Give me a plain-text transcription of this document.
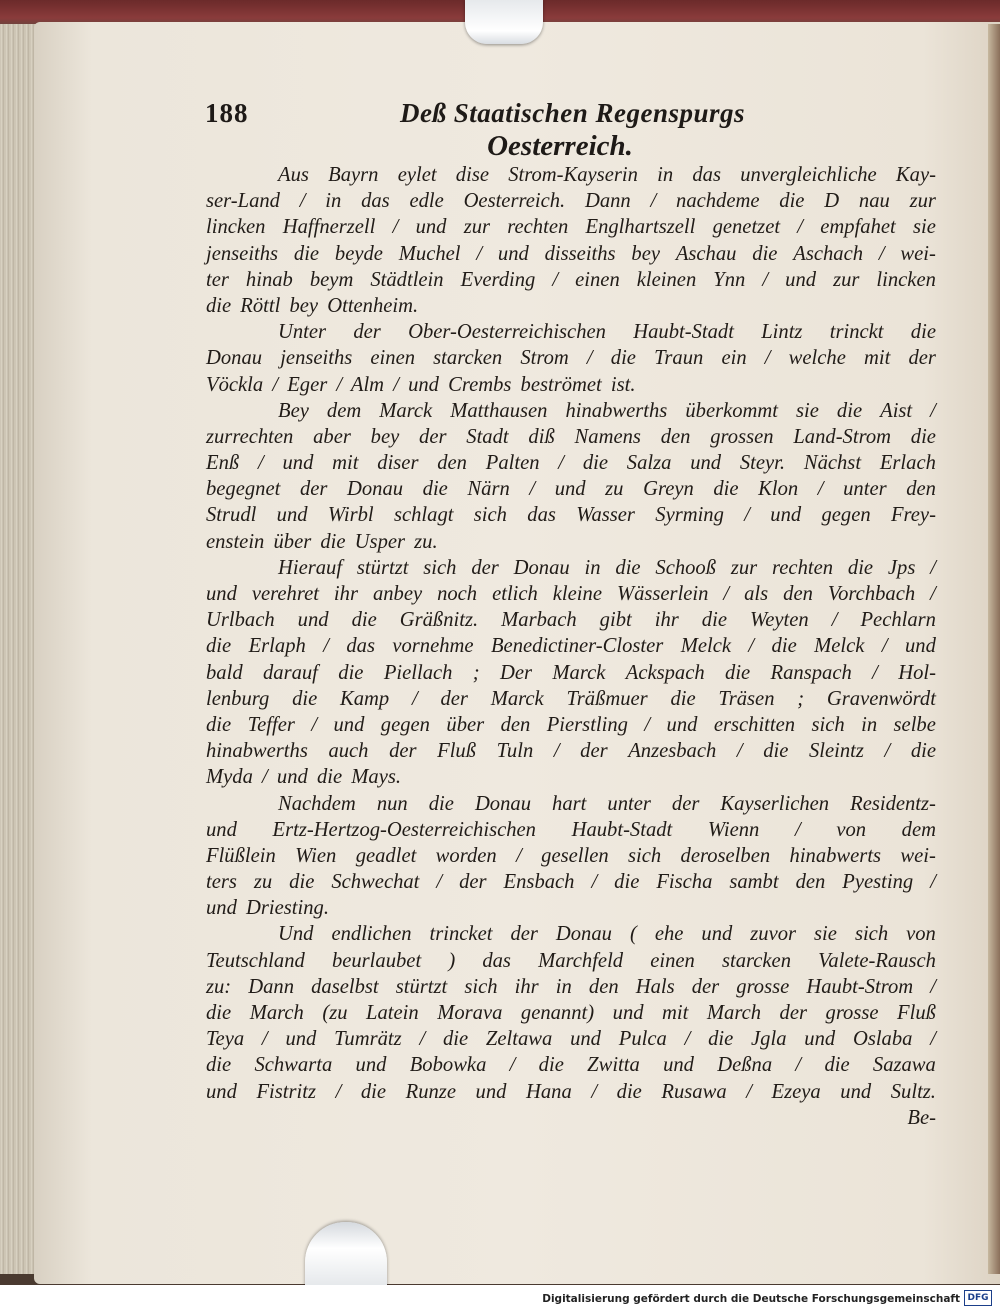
188	Deß Staatischen Regenspurgs
Oesterreich.
Aus Bayrn eylet dise Strom-Kayserin in das unvergleichliche Kay-
ser-Land / in das edle Oesterreich. Dann / nachdeme die D nau zur
lincken Haffnerzell / und zur rechten Englhartszell genetzet / empfahet sie
jenseiths die beyde Muchel / und disseiths bey Aschau die Aschach / wei-
ter hinab beym Städtlein Everding / einen kleinen Ynn / und zur lincken
die Röttl bey Ottenheim.
Unter der Ober-Oesterreichischen Haubt-Stadt Lintz trinckt die
Donau jenseiths einen starcken Strom / die Traun ein / welche mit der
Vöckla / Eger / Alm / und Crembs beströmet ist.
Bey dem Marck Matthausen hinabwerths überkommt sie die Aist /
zurrechten aber bey der Stadt diß Namens den grossen Land-Strom die
Enß / und mit diser den Palten / die Salza und Steyr. Nächst Erlach
begegnet der Donau die Närn / und zu Greyn die Klon / unter den
Strudl und Wirbl schlagt sich das Wasser Syrming / und gegen Frey-
enstein über die Usper zu.
Hierauf stürtzt sich der Donau in die Schooß zur rechten die Jps /
und verehret ihr anbey noch etlich kleine Wässerlein / als den Vorchbach /
Urlbach und die Gräßnitz. Marbach gibt ihr die Weyten / Pechlarn
die Erlaph / das vornehme Benedictiner-Closter Melck / die Melck / und
bald darauf die Piellach ; Der Marck Ackspach die Ranspach / Hol-
lenburg die Kamp / der Marck Träßmuer die Träsen ; Gravenwördt
die Teffer / und gegen über den Pierstling / und erschitten sich in selbe
hinabwerths auch der Fluß Tuln / der Anzesbach / die Sleintz / die
Myda / und die Mays.
Nachdem nun die Donau hart unter der Kayserlichen Residentz-
und Ertz-Hertzog-Oesterreichischen Haubt-Stadt Wienn / von dem
Flüßlein Wien geadlet worden / gesellen sich deroselben hinabwerts wei-
ters zu die Schwechat / der Ensbach / die Fischa sambt den Pyesting /
und Driesting.
Und endlichen trincket der Donau ( ehe und zuvor sie sich von
Teutschland beurlaubet ) das Marchfeld einen starcken Valete-Rausch
zu: Dann daselbst stürtzt sich ihr in den Hals der grosse Haubt-Strom /
die March (zu Latein Morava genannt) und mit March der grosse Fluß
Teya / und Tumrätz / die Zeltawa und Pulca / die Jgla und Oslaba /
die Schwarta und Bobowka / die Zwitta und Deßna / die Sazawa
und Fistritz / die Runze und Hana / die Rusawa / Ezeya und Sultz.
Be-
Digitalisierung gefördert durch die Deutsche Forschungsgemeinschaft DFG
